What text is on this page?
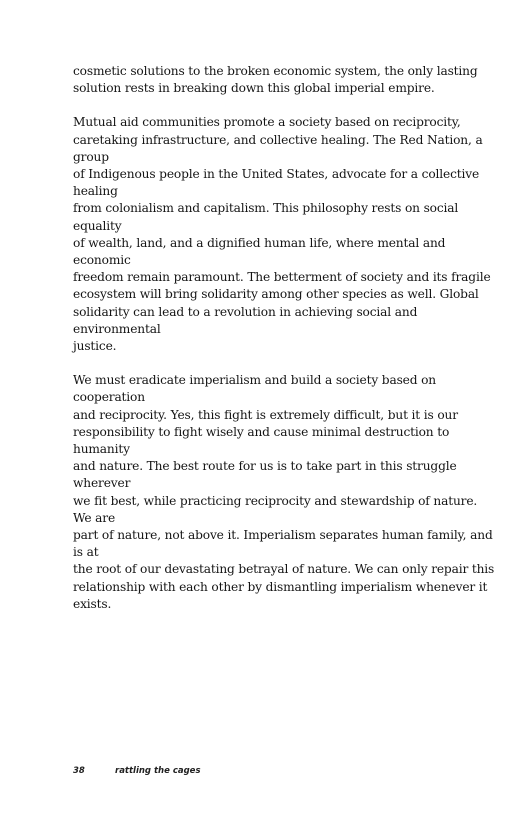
cosmetic solutions to the broken economic system, the only lasting
solution rests in breaking down this global imperial empire.

Mutual aid communities promote a society based on reciprocity,
caretaking infrastructure, and collective healing. The Red Nation, a group
of Indigenous people in the United States, advocate for a collective healing
from colonialism and capitalism. This philosophy rests on social equality
of wealth, land, and a dignified human life, where mental and economic
freedom remain paramount. The betterment of society and its fragile
ecosystem will bring solidarity among other species as well. Global
solidarity can lead to a revolution in achieving social and environmental
justice.

We must eradicate imperialism and build a society based on cooperation
and reciprocity. Yes, this fight is extremely difficult, but it is our
responsibility to fight wisely and cause minimal destruction to humanity
and nature. The best route for us is to take part in this struggle wherever
we fit best, while practicing reciprocity and stewardship of nature. We are
part of nature, not above it. Imperialism separates human family, and is at
the root of our devastating betrayal of nature. We can only repair this
relationship with each other by dismantling imperialism whenever it
exists.

38	rattling the cages
